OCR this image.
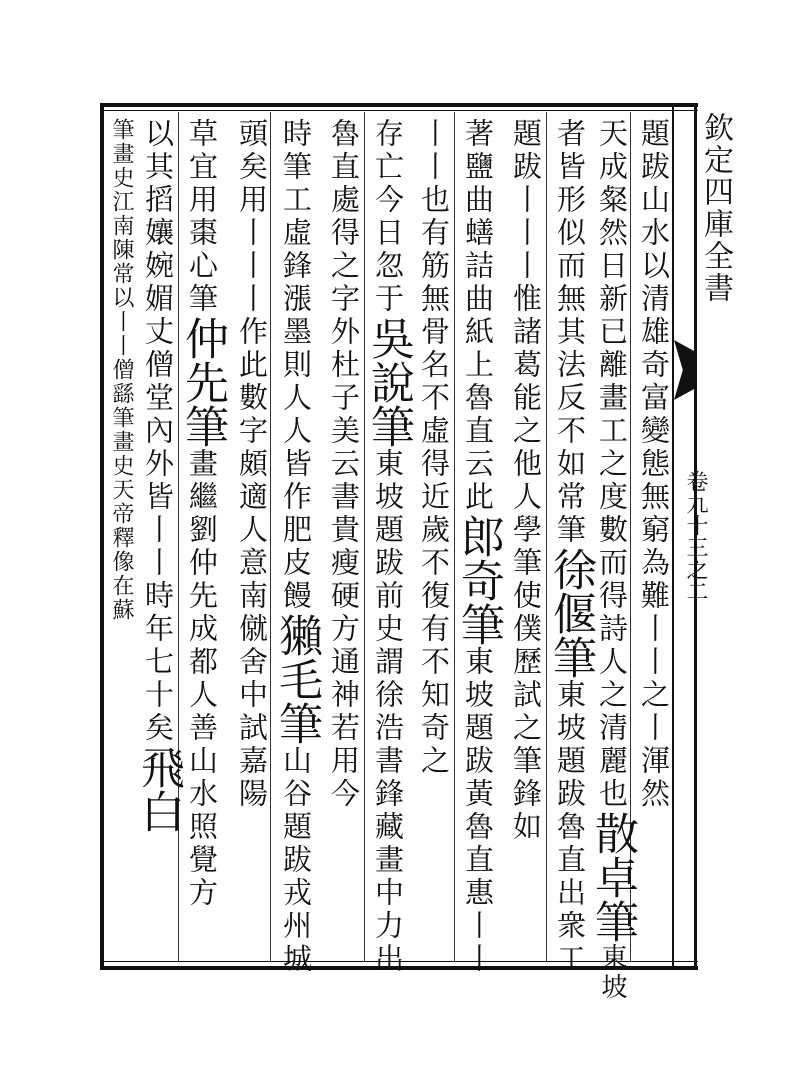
欽定四庫全書
卷九十三之二
題跋山水以清雄奇富變態無窮為難丨丨之丨渾然
天成粲然日新已離畫工之度數而得詩人之清麗也散卓筆東坡
者皆形似而無其法反不如常筆徐偃筆東坡題跋魯直出衆工
題跋丨丨丨惟諸葛能之他人學筆使僕歷試之筆鋒如
著鹽曲蟮詰曲紙上魯直云此郎奇筆東坡題跋黃魯直惠丨丨
丨丨也有筋無骨名不虛得近歲不復有不知奇之
存亡今日忽于吳說筆東坡題跋前史謂徐浩書鋒藏畫中力出
魯直處得之字外杜子美云書貴瘦硬方通神若用今
時筆工虛鋒漲墨則人人皆作肥皮饅獺毛筆山谷題跋戎州城
頭矣用丨丨丨作此數字頗適人意南僦舍中試嘉陽
草宜用棗心筆仲先筆畫繼劉仲先成都人善山水照覺方
以其搯孃婉媚丈僧堂內外皆丨丨時年七十矣飛白
筆畫史江南陳常以丨丨僧繇筆畫史天帝釋像在蘇
